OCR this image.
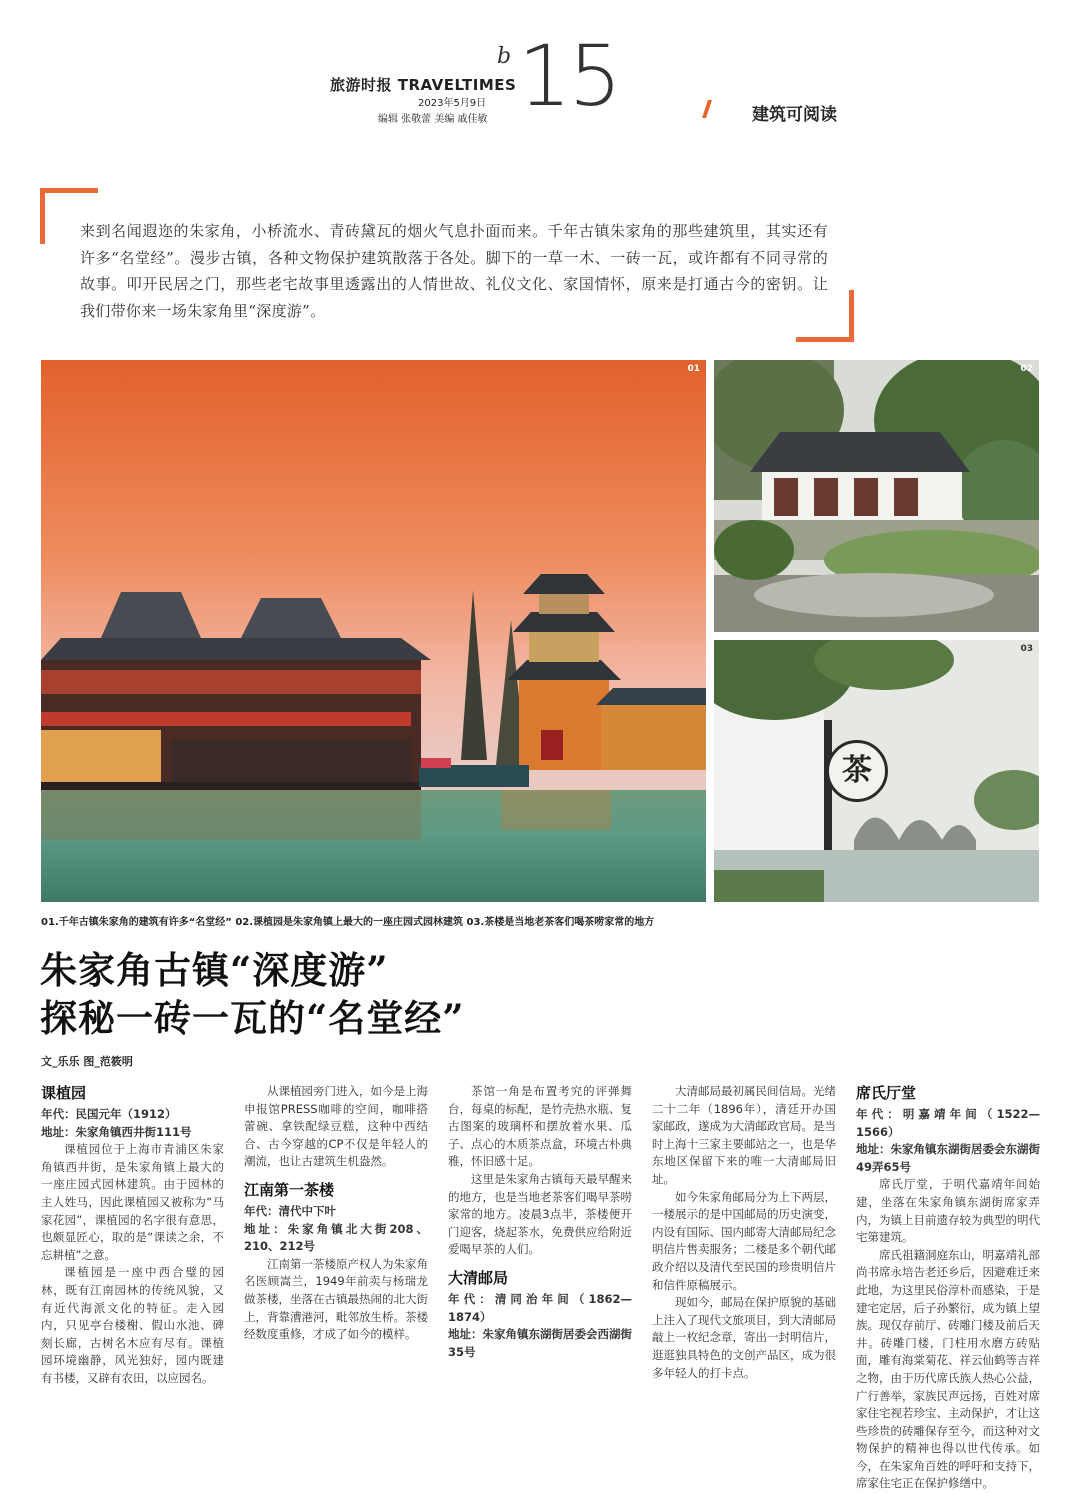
旅游时报 TRAVELTIMES
2023年5月9日
编辑 张敬蕾 美编 戚佳敏
b 15	建筑可阅读
来到名闻遐迩的朱家角，小桥流水、青砖黛瓦的烟火气息扑面而来。千年古镇朱家角的那些建筑里，其实还有许多“名堂经”。漫步古镇，各种文物保护建筑散落于各处。脚下的一草一木、一砖一瓦，或许都有不同寻常的故事。叩开民居之门，那些老宅故事里透露出的人情世故、礼仪文化、家国情怀，原来是打通古今的密钥。让我们带你来一场朱家角里“深度游”。
01	02
茶
03
01.千年古镇朱家角的建筑有许多“名堂经” 02.课植园是朱家角镇上最大的一座庄园式园林建筑 03.茶楼是当地老茶客们喝茶唠家常的地方
朱家角古镇“深度游”
探秘一砖一瓦的“名堂经”
文_乐乐 图_范筱明

课植园

年代：民国元年（1912）

地址：朱家角镇西井街111号

课植园位于上海市青浦区朱家角镇西井街，是朱家角镇上最大的一座庄园式园林建筑。由于园林的主人姓马，因此课植园又被称为“马家花园”，课植园的名字很有意思，也颇显匠心，取的是“课读之余，不忘耕植”之意。

课植园是一座中西合璧的园林，既有江南园林的传统风貌，又有近代海派文化的特征。走入园内，只见亭台楼榭、假山水池、碑刻长廊，古树名木应有尽有。课植园环境幽静，风光独好，园内既建有书楼，又辟有农田，以应园名。

从课植园旁门进入，如今是上海申报馆PRESS咖啡的空间，咖啡搭蕾碗、拿铁配绿豆糕，这种中西结合、古今穿越的CP不仅是年轻人的潮流，也让古建筑生机盎然。

江南第一茶楼

年代：清代中下叶

地址：朱家角镇北大街208、210、212号

江南第一茶楼原产权人为朱家角名医顾嵩兰，1949年前卖与杨瑞龙做茶楼，坐落在古镇最热闹的北大街上，背靠漕港河，毗邻放生桥。茶楼经数度重修，才成了如今的模样。

茶馆一角是布置考究的评弹舞台，每桌的标配，是竹壳热水瓶、复古图案的玻璃杯和摆放着水果、瓜子、点心的木质茶点盒，环境古朴典雅，怀旧感十足。

这里是朱家角古镇每天最早醒来的地方，也是当地老茶客们喝早茶唠家常的地方。凌晨3点半，茶楼便开门迎客，烧起茶水，免费供应给附近爱喝早茶的人们。

大清邮局

年代：清同治年间（1862—1874）

地址：朱家角镇东湖街居委会西湖街35号

大清邮局最初属民间信局。光绪二十二年（1896年），清廷开办国家邮政，遂成为大清邮政官局。是当时上海十三家主要邮站之一，也是华东地区保留下来的唯一大清邮局旧址。

如今朱家角邮局分为上下两层，一楼展示的是中国邮局的历史演变，内设有国际、国内邮寄大清邮局纪念明信片售卖服务；二楼是多个朝代邮政介绍以及清代至民国的珍贵明信片和信件原稿展示。

现如今，邮局在保护原貌的基础上注入了现代文旅项目，到大清邮局敲上一枚纪念章，寄出一封明信片，逛逛独具特色的文创产品区，成为很多年轻人的打卡点。

席氏厅堂

年代：明嘉靖年间（1522—1566）

地址：朱家角镇东湖街居委会东湖街49弄65号

席氏厅堂，于明代嘉靖年间始建，坐落在朱家角镇东湖街席家弄内，为镇上目前遗存较为典型的明代宅第建筑。

席氏祖籍洞庭东山，明嘉靖礼部尚书席永培告老还乡后，因避难迁来此地，为这里民俗淳朴而感染，于是建宅定居，后子孙繁衍，成为镇上望族。现仅存前厅、砖雕门楼及前后天井。砖雕门楼，门柱用水磨方砖贴面，雕有海棠菊花、祥云仙鹤等吉祥之物，由于历代席氏族人热心公益，广行善举，家族民声远扬，百姓对席家住宅视若珍宝、主动保护，才让这些珍贵的砖雕保存至今，而这种对文物保护的精神也得以世代传承。如今，在朱家角百姓的呼吁和支持下，席家住宅正在保护修缮中。
